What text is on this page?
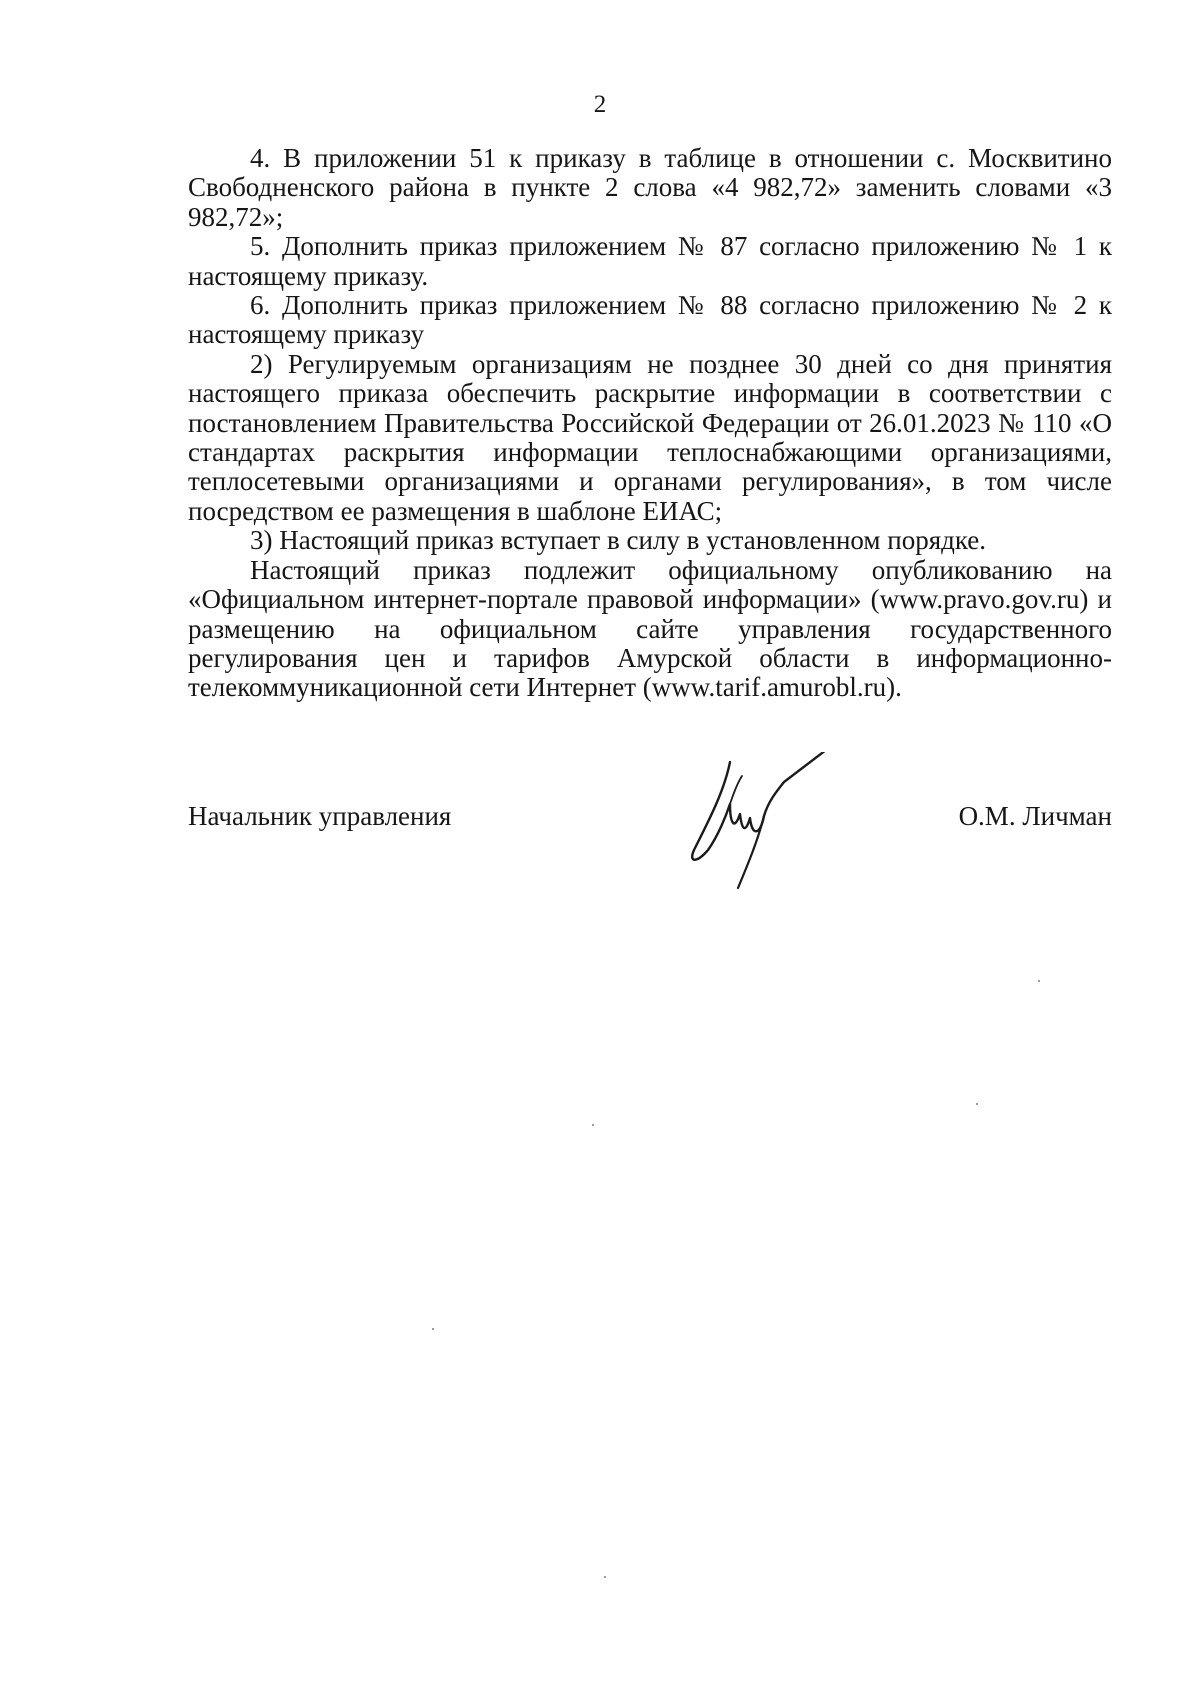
2

4. В приложении 51 к приказу в таблице в отношении с. Москвитино Свободненского района в пункте 2 слова «4 982,72» заменить словами «3 982,72»;

5. Дополнить приказ приложением № 87 согласно приложению № 1 к настоящему приказу.

6. Дополнить приказ приложением № 88 согласно приложению № 2 к настоящему приказу

2) Регулируемым организациям не позднее 30 дней со дня принятия настоящего приказа обеспечить раскрытие информации в соответствии с постановлением Правительства Российской Федерации от 26.01.2023 № 110 «О стандартах раскрытия информации теплоснабжающими организациями, теплосетевыми организациями и органами регулирования», в том числе посредством ее размещения в шаблоне ЕИАС;

3) Настоящий приказ вступает в силу в установленном порядке.

Настоящий приказ подлежит официальному опубликованию на «Официальном интернет-портале правовой информации» (www.pravo.gov.ru) и размещению на официальном сайте управления государственного регулирования цен и тарифов Амурской области в информационно-телекоммуникационной сети Интернет (www.tarif.amurobl.ru).

Начальник управления	О.М. Личман
